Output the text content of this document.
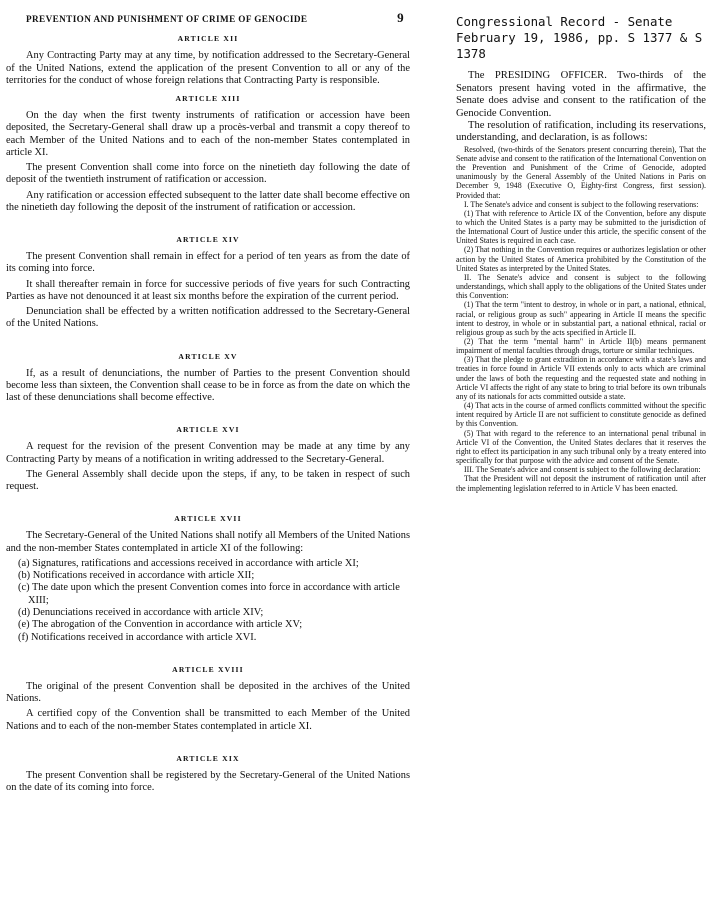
PREVENTION AND PUNISHMENT OF CRIME OF GENOCIDE	9
ARTICLE XII

Any Contracting Party may at any time, by notification addressed to the Secretary-General of the United Nations, extend the application of the present Convention to all or any of the territories for the conduct of whose foreign relations that Contracting Party is responsible.

ARTICLE XIII

On the day when the first twenty instruments of ratification or accession have been deposited, the Secretary-General shall draw up a procès-verbal and transmit a copy thereof to each Member of the United Nations and to each of the non-member States contemplated in article XI.

The present Convention shall come into force on the ninetieth day following the date of deposit of the twentieth instrument of ratification or accession.

Any ratification or accession effected subsequent to the latter date shall become effective on the ninetieth day following the deposit of the instrument of ratification or accession.

ARTICLE XIV

The present Convention shall remain in effect for a period of ten years as from the date of its coming into force.

It shall thereafter remain in force for successive periods of five years for such Contracting Parties as have not denounced it at least six months before the expiration of the current period.

Denunciation shall be effected by a written notification addressed to the Secretary-General of the United Nations.

ARTICLE XV

If, as a result of denunciations, the number of Parties to the present Convention should become less than sixteen, the Convention shall cease to be in force as from the date on which the last of these denunciations shall become effective.

ARTICLE XVI

A request for the revision of the present Convention may be made at any time by any Contracting Party by means of a notification in writing addressed to the Secretary-General.

The General Assembly shall decide upon the steps, if any, to be taken in respect of such request.

ARTICLE XVII

The Secretary-General of the United Nations shall notify all Members of the United Nations and the non-member States contemplated in article XI of the following:

(a) Signatures, ratifications and accessions received in accordance with article XI;

(b) Notifications received in accordance with article XII;

(c) The date upon which the present Convention comes into force in accordance with article XIII;

(d) Denunciations received in accordance with article XIV;

(e) The abrogation of the Convention in accordance with article XV;

(f) Notifications received in accordance with article XVI.

ARTICLE XVIII

The original of the present Convention shall be deposited in the archives of the United Nations.

A certified copy of the Convention shall be transmitted to each Member of the United Nations and to each of the non-member States contemplated in article XI.

ARTICLE XIX

The present Convention shall be registered by the Secretary-General of the United Nations on the date of its coming into force.

Congressional Record - Senate
February 19, 1986, pp. S 1377 & S 1378

The PRESIDING OFFICER. Two-thirds of the Senators present having voted in the affirmative, the Senate does advise and consent to the ratification of the Genocide Convention.

The resolution of ratification, including its reservations, understanding, and declaration, is as follows:

Resolved, (two-thirds of the Senators present concurring therein), That the Senate advise and consent to the ratification of the International Convention on the Prevention and Punishment of the Crime of Genocide, adopted unanimously by the General Assembly of the United Nations in Paris on December 9, 1948 (Executive O, Eighty-first Congress, first session). Provided that:

I. The Senate's advice and consent is subject to the following reservations:

(1) That with reference to Article IX of the Convention, before any dispute to which the United States is a party may be submitted to the jurisdiction of the International Court of Justice under this article, the specific consent of the United States is required in each case.

(2) That nothing in the Convention requires or authorizes legislation or other action by the United States of America prohibited by the Constitution of the United States as interpreted by the United States.

II. The Senate's advice and consent is subject to the following understandings, which shall apply to the obligations of the United States under this Convention:

(1) That the term "intent to destroy, in whole or in part, a national, ethnical, racial, or religious group as such" appearing in Article II means the specific intent to destroy, in whole or in substantial part, a national ethnical, racial or religious group as such by the acts specified in Article II.

(2) That the term "mental harm" in Article II(b) means permanent impairment of mental faculties through drugs, torture or similar techniques.

(3) That the pledge to grant extradition in accordance with a state's laws and treaties in force found in Article VII extends only to acts which are criminal under the laws of both the requesting and the requested state and nothing in Article VI affects the right of any state to bring to trial before its own tribunals any of its nationals for acts committed outside a state.

(4) That acts in the course of armed conflicts committed without the specific intent required by Article II are not sufficient to constitute genocide as defined by this Convention.

(5) That with regard to the reference to an international penal tribunal in Article VI of the Convention, the United States declares that it reserves the right to effect its participation in any such tribunal only by a treaty entered into specifically for that purpose with the advice and consent of the Senate.

III. The Senate's advice and consent is subject to the following declaration:

That the President will not deposit the instrument of ratification until after the implementing legislation referred to in Article V has been enacted.
